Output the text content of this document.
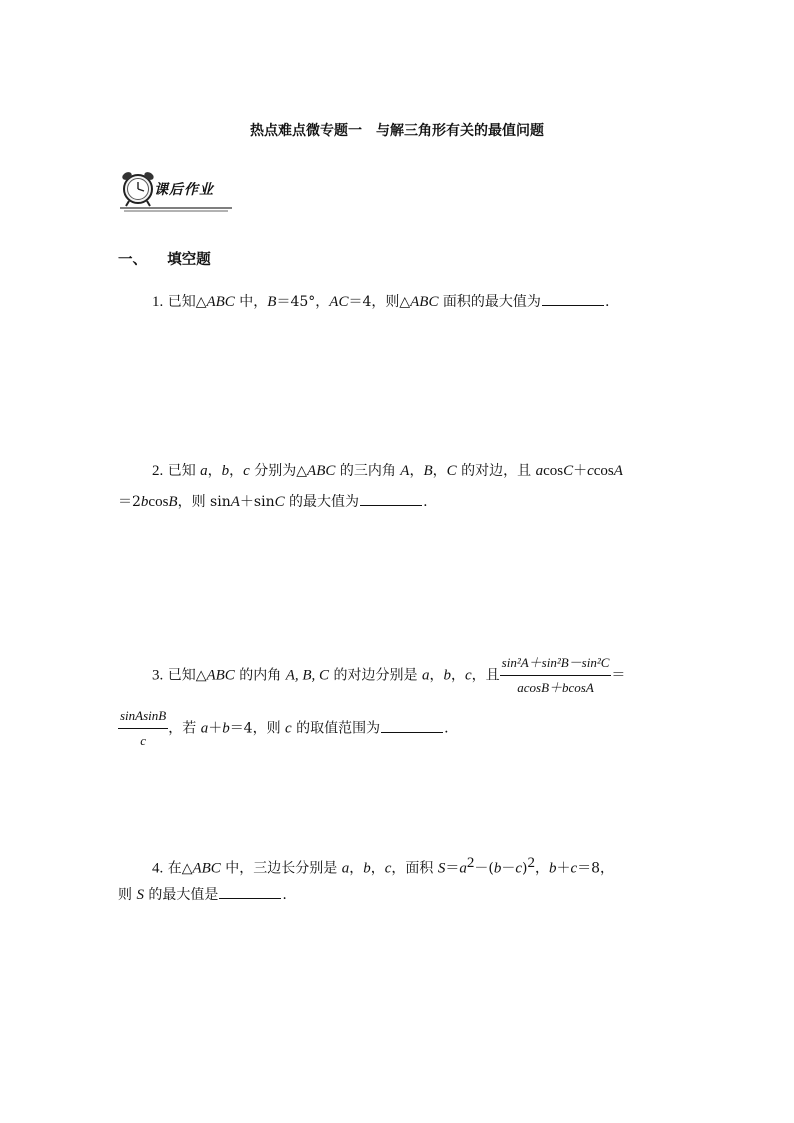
热点难点微专题一　与解三角形有关的最值问题
课后作业
一、 填空题
1. 已知△ABC 中，B＝45°，AC＝4，则△ABC 面积的最大值为	.
2. 已知 a，b，c 分别为△ABC 的三内角 A，B，C 的对边，且 acosC＋ccosA
＝2bcosB，则 sinA＋sinC 的最大值为	.
3. 已知△ABC 的内角 A, B, C 的对边分别是 a，b，c，且 $\frac{\text{sin²A＋sin²B－sin²C}}{acosB+bcosA}$ ＝
$\frac{\text{sinAsinB}}{c}$ ，若 a＋b＝4，则 c 的取值范围为	.
4. 在△ABC 中，三边长分别是 a，b，c，面积 $S=a^2-(b-c)^2$，b＋c＝8，
则 S 的最大值是	.
